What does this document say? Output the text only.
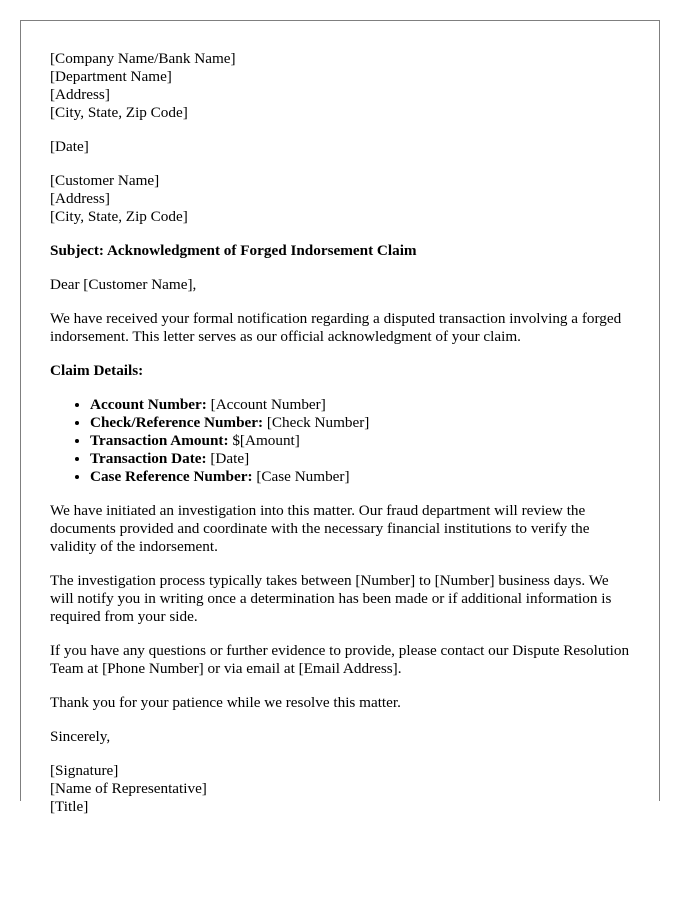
[Company Name/Bank Name]
[Department Name]
[Address]
[City, State, Zip Code]
[Date]
[Customer Name]
[Address]
[City, State, Zip Code]
Subject: Acknowledgment of Forged Indorsement Claim

Dear [Customer Name],

We have received your formal notification regarding a disputed transaction involving a forged indorsement. This letter serves as our official acknowledgment of your claim.

Claim Details:
• Account Number: [Account Number]
• Check/Reference Number: [Check Number]
• Transaction Amount: $[Amount]
• Transaction Date: [Date]
• Case Reference Number: [Case Number]

We have initiated an investigation into this matter. Our fraud department will review the documents provided and coordinate with the necessary financial institutions to verify the validity of the indorsement.

The investigation process typically takes between [Number] to [Number] business days. We will notify you in writing once a determination has been made or if additional information is required from your side.

If you have any questions or further evidence to provide, please contact our Dispute Resolution Team at [Phone Number] or via email at [Email Address].

Thank you for your patience while we resolve this matter.

Sincerely,

[Signature]
[Name of Representative]
[Title]
